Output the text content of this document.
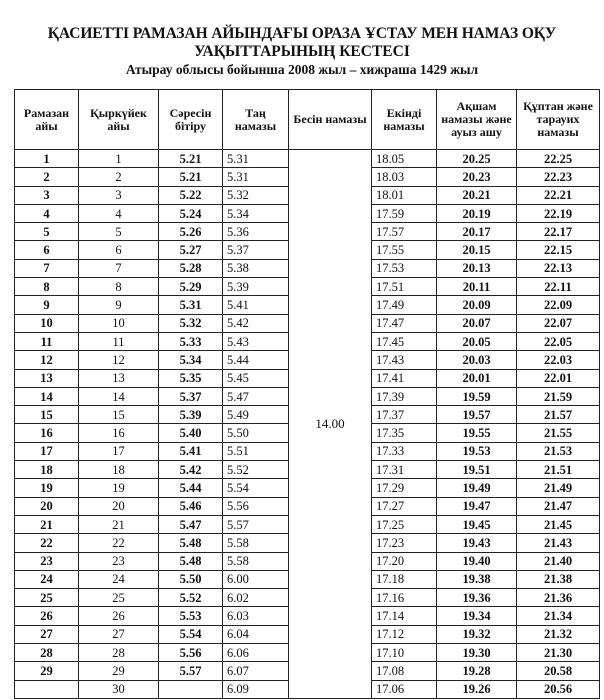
ҚАСИЕТТІ РАМАЗАН АЙЫНДАҒЫ ОРАЗА ҰСТАУ МЕН НАМАЗ ОҚУ
УАҚЫТТАРЫНЫҢ КЕСТЕСІ
Атырау облысы бойынша 2008 жыл – хижраша 1429 жыл
Рамазан айы	Қыркүйек айы	Сәресін бітіру	Таң намазы	Бесін намазы	Екінді намазы	Ақшам намазы және ауыз ашу	Құптан және тарауих намазы
1	1	5.21	5.31	14.00	18.05	20.25	22.25
2	2	5.21	5.31		18.03	20.23	22.23
3	3	5.22	5.32		18.01	20.21	22.21
4	4	5.24	5.34		17.59	20.19	22.19
5	5	5.26	5.36		17.57	20.17	22.17
6	6	5.27	5.37		17.55	20.15	22.15
7	7	5.28	5.38		17.53	20.13	22.13
8	8	5.29	5.39		17.51	20.11	22.11
9	9	5.31	5.41		17.49	20.09	22.09
10	10	5.32	5.42		17.47	20.07	22.07
11	11	5.33	5.43		17.45	20.05	22.05
12	12	5.34	5.44		17.43	20.03	22.03
13	13	5.35	5.45		17.41	20.01	22.01
14	14	5.37	5.47		17.39	19.59	21.59
15	15	5.39	5.49		17.37	19.57	21.57
16	16	5.40	5.50		17.35	19.55	21.55
17	17	5.41	5.51		17.33	19.53	21.53
18	18	5.42	5.52		17.31	19.51	21.51
19	19	5.44	5.54		17.29	19.49	21.49
20	20	5.46	5.56		17.27	19.47	21.47
21	21	5.47	5.57		17.25	19.45	21.45
22	22	5.48	5.58		17.23	19.43	21.43
23	23	5.48	5.58		17.20	19.40	21.40
24	24	5.50	6.00		17.18	19.38	21.38
25	25	5.52	6.02		17.16	19.36	21.36
26	26	5.53	6.03		17.14	19.34	21.34
27	27	5.54	6.04		17.12	19.32	21.32
28	28	5.56	6.06		17.10	19.30	21.30
29	29	5.57	6.07		17.08	19.28	20.58
	30		6.09		17.06	19.26	20.56
